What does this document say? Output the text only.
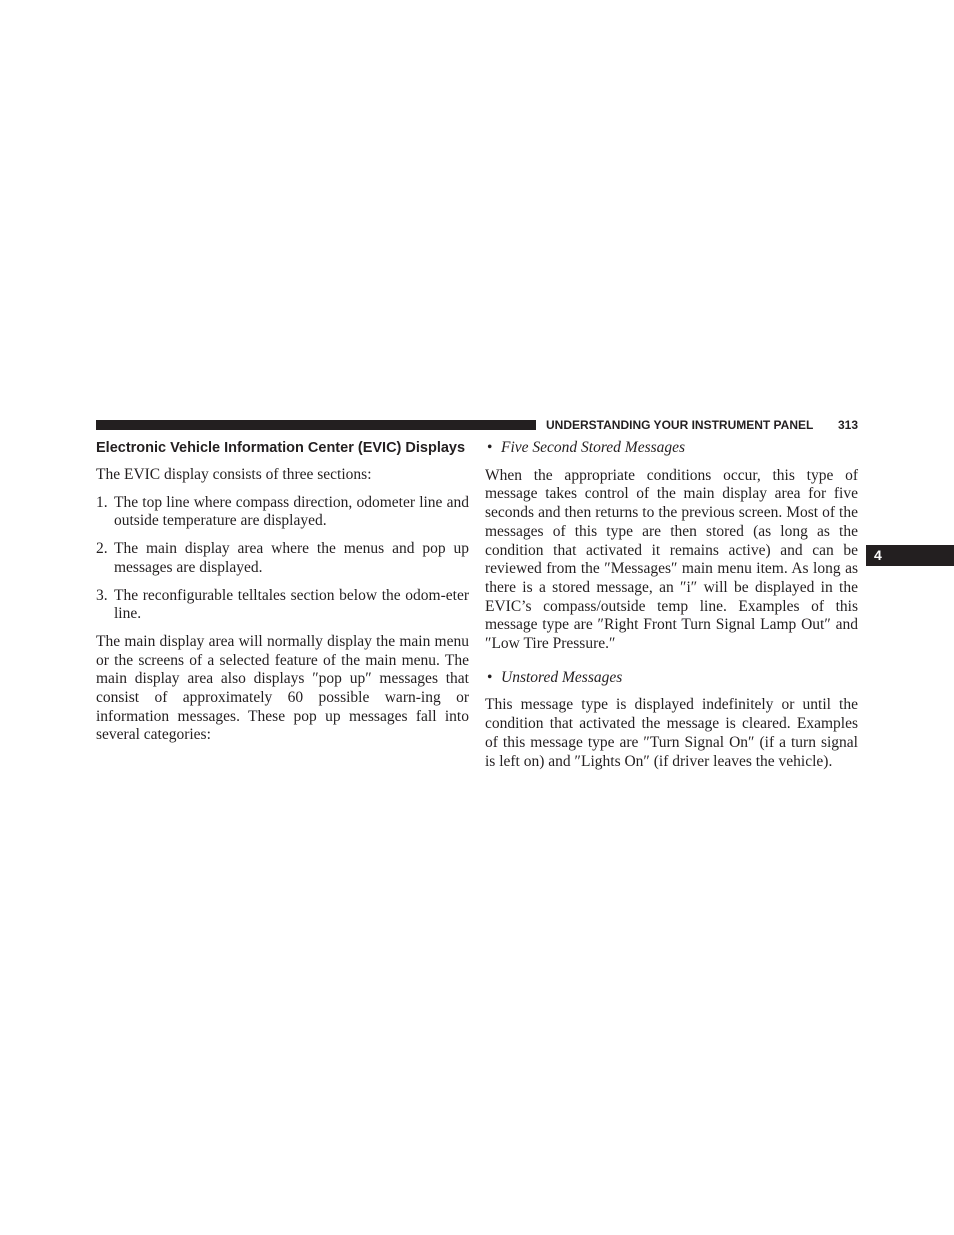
UNDERSTANDING YOUR INSTRUMENT PANEL 313
4
Electronic Vehicle Information Center (EVIC) Displays

The EVIC display consists of three sections:

1. The top line where compass direction, odometer line and outside temperature are displayed.
2. The main display area where the menus and pop up messages are displayed.
3. The reconfigurable telltales section below the odom-eter line.

The main display area will normally display the main menu or the screens of a selected feature of the main menu. The main display area also displays ″pop up″ messages that consist of approximately 60 possible warn-ing or information messages. These pop up messages fall into several categories:

• Five Second Stored Messages

When the appropriate conditions occur, this type of message takes control of the main display area for five seconds and then returns to the previous screen. Most of the messages of this type are then stored (as long as the condition that activated it remains active) and can be reviewed from the ″Messages″ main menu item. As long as there is a stored message, an ″i″ will be displayed in the EVIC’s compass/outside temp line. Examples of this message type are ″Right Front Turn Signal Lamp Out″ and ″Low Tire Pressure.″

• Unstored Messages

This message type is displayed indefinitely or until the condition that activated the message is cleared. Examples of this message type are ″Turn Signal On″ (if a turn signal is left on) and ″Lights On″ (if driver leaves the vehicle).
